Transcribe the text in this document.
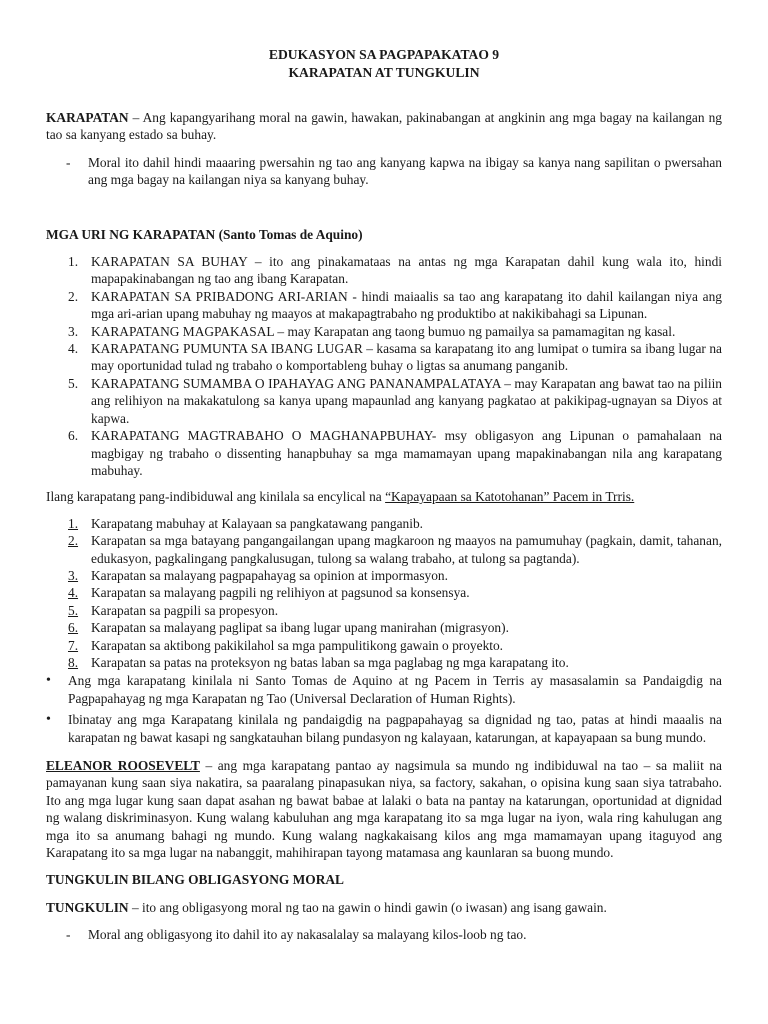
EDUKASYON SA PAGPAPAKATAO 9
KARAPATAN AT TUNGKULIN

KARAPATAN – Ang kapangyarihang moral na gawin, hawakan, pakinabangan at angkinin ang mga bagay na kailangan ng tao sa kanyang estado sa buhay.

-	Moral ito dahil hindi maaaring pwersahin ng tao ang kanyang kapwa na ibigay sa kanya nang sapilitan o pwersahan ang mga bagay na kailangan niya sa kanyang buhay.

MGA URI NG KARAPATAN (Santo Tomas de Aquino)

1. KARAPATAN SA BUHAY – ito ang pinakamataas na antas ng mga Karapatan dahil kung wala ito, hindi mapapakinabangan ng tao ang ibang Karapatan.
2. KARAPATAN SA PRIBADONG ARI-ARIAN - hindi maiaalis sa tao ang karapatang ito dahil kailangan niya ang mga ari-arian upang mabuhay ng maayos at makapagtrabaho ng produktibo at nakikibahagi sa Lipunan.
3. KARAPATANG MAGPAKASAL – may Karapatan ang taong bumuo ng pamailya sa pamamagitan ng kasal.
4. KARAPATANG PUMUNTA SA IBANG LUGAR – kasama sa karapatang ito ang lumipat o tumira sa ibang lugar na may oportunidad tulad ng trabaho o komportableng buhay o ligtas sa anumang panganib.
5. KARAPATANG SUMAMBA O IPAHAYAG ANG PANANAMPALATAYA – may Karapatan ang bawat tao na piliin ang relihiyon na makakatulong sa kanya upang mapaunlad ang kanyang pagkatao at pakikipag-ugnayan sa Diyos at kapwa.
6. KARAPATANG MAGTRABAHO O MAGHANAPBUHAY- msy obligasyon ang Lipunan o pamahalaan na magbigay ng trabaho o dissenting hanapbuhay sa mga mamamayan upang mapakinabangan nila ang karapatang mabuhay.

Ilang karapatang pang-indibiduwal ang kinilala sa encylical na “Kapayapaan sa Katotohanan” Pacem in Trris.

1. Karapatang mabuhay at Kalayaan sa pangkatawang panganib.
2. Karapatan sa mga batayang pangangailangan upang magkaroon ng maayos na pamumuhay (pagkain, damit, tahanan, edukasyon, pagkalingang pangkalusugan, tulong sa walang trabaho, at tulong sa pagtanda).
3. Karapatan sa malayang pagpapahayag sa opinion at impormasyon.
4. Karapatan sa malayang pagpili ng relihiyon at pagsunod sa konsensya.
5. Karapatan sa pagpili sa propesyon.
6. Karapatan sa malayang paglipat sa ibang lugar upang manirahan (migrasyon).
7. Karapatan sa aktibong pakikilahol sa mga pampulitikong gawain o proyekto.
8. Karapatan sa patas na proteksyon ng batas laban sa mga paglabag ng mga karapatang ito.
•	Ang mga karapatang kinilala ni Santo Tomas de Aquino at ng Pacem in Terris ay masasalamin sa Pandaigdig na Pagpapahayag ng mga Karapatan ng Tao (Universal Declaration of Human Rights).
•	Ibinatay ang mga Karapatang kinilala ng pandaigdig na pagpapahayag sa dignidad ng tao, patas at hindi maaalis na karapatan ng bawat kasapi ng sangkatauhan bilang pundasyon ng kalayaan, katarungan, at kapayapaan sa bung mundo.

ELEANOR ROOSEVELT – ang mga karapatang pantao ay nagsimula sa mundo ng indibiduwal na tao – sa maliit na pamayanan kung saan siya nakatira, sa paaralang pinapasukan niya, sa factory, sakahan, o opisina kung saan siya tatrabaho. Ito ang mga lugar kung saan dapat asahan ng bawat babae at lalaki o bata na pantay na katarungan, oportunidad at dignidad ng walang diskriminasyon. Kung walang kabuluhan ang mga karapatang ito sa mga lugar na iyon, wala ring kahulugan ang mga ito sa anumang bahagi ng mundo. Kung walang nagkakaisang kilos ang mga mamamayan upang itaguyod ang Karapatang ito sa mga lugar na nabanggit, mahihirapan tayong matamasa ang kaunlaran sa buong mundo.

TUNGKULIN BILANG OBLIGASYONG MORAL

TUNGKULIN – ito ang obligasyong moral ng tao na gawin o hindi gawin (o iwasan) ang isang gawain.

-	Moral ang obligasyong ito dahil ito ay nakasalalay sa malayang kilos-loob ng tao.
